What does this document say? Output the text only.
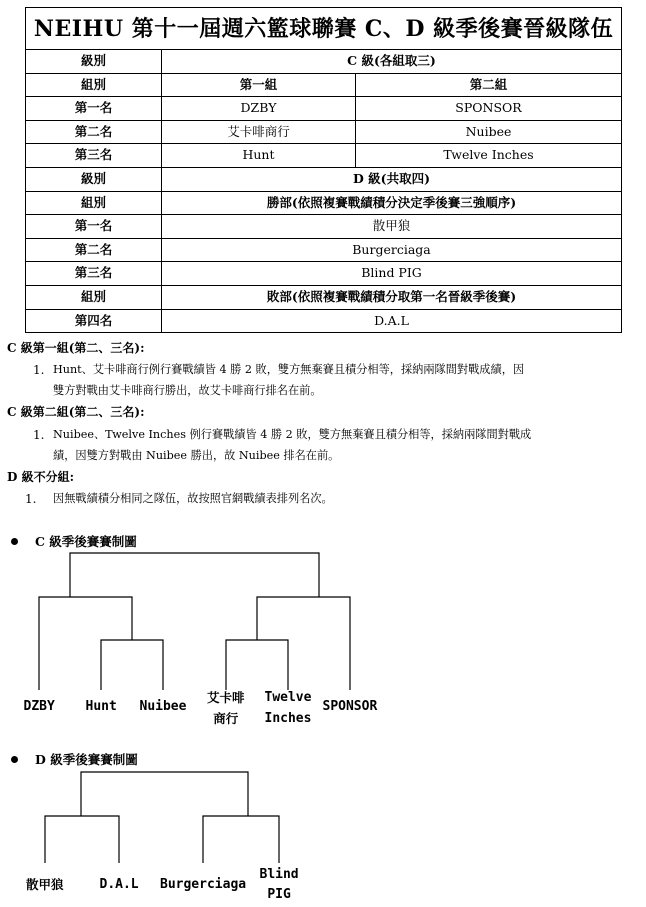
NEIHU 第十一屆週六籃球聯賽 C、D 級季後賽晉級隊伍		
級別	C 級(各組取三)	
組別	第一組	第二組
第一名	DZBY	SPONSOR
第二名	艾卡啡商行	Nuibee
第三名	Hunt	Twelve Inches
級別	D 級(共取四)	
組別	勝部(依照複賽戰績積分決定季後賽三強順序)	
第一名	散甲狼	
第二名	Burgerciaga	
第三名	Blind PIG	
組別	敗部(依照複賽戰績積分取第一名晉級季後賽)	
第四名	D.A.L	
C 級第一組(第二、三名):
1. Hunt、艾卡啡商行例行賽戰績皆 4 勝 2 敗，雙方無棄賽且積分相等，採納兩隊間對戰成績，因
雙方對戰由艾卡啡商行勝出，故艾卡啡商行排名在前。
C 級第二組(第二、三名):
1. Nuibee、Twelve Inches 例行賽戰績皆 4 勝 2 敗，雙方無棄賽且積分相等，採納兩隊間對戰成
績，因雙方對戰由 Nuibee 勝出，故 Nuibee 排名在前。
D 級不分組:
1. 因無戰績積分相同之隊伍，故按照官網戰績表排列名次。
C 級季後賽賽制圖
DZBY Hunt Nuibee
艾卡啡
商行
Twelve
Inches
SPONSOR
D 級季後賽賽制圖
散甲狼	D.A.L Burgerciaga
Blind
PIG
